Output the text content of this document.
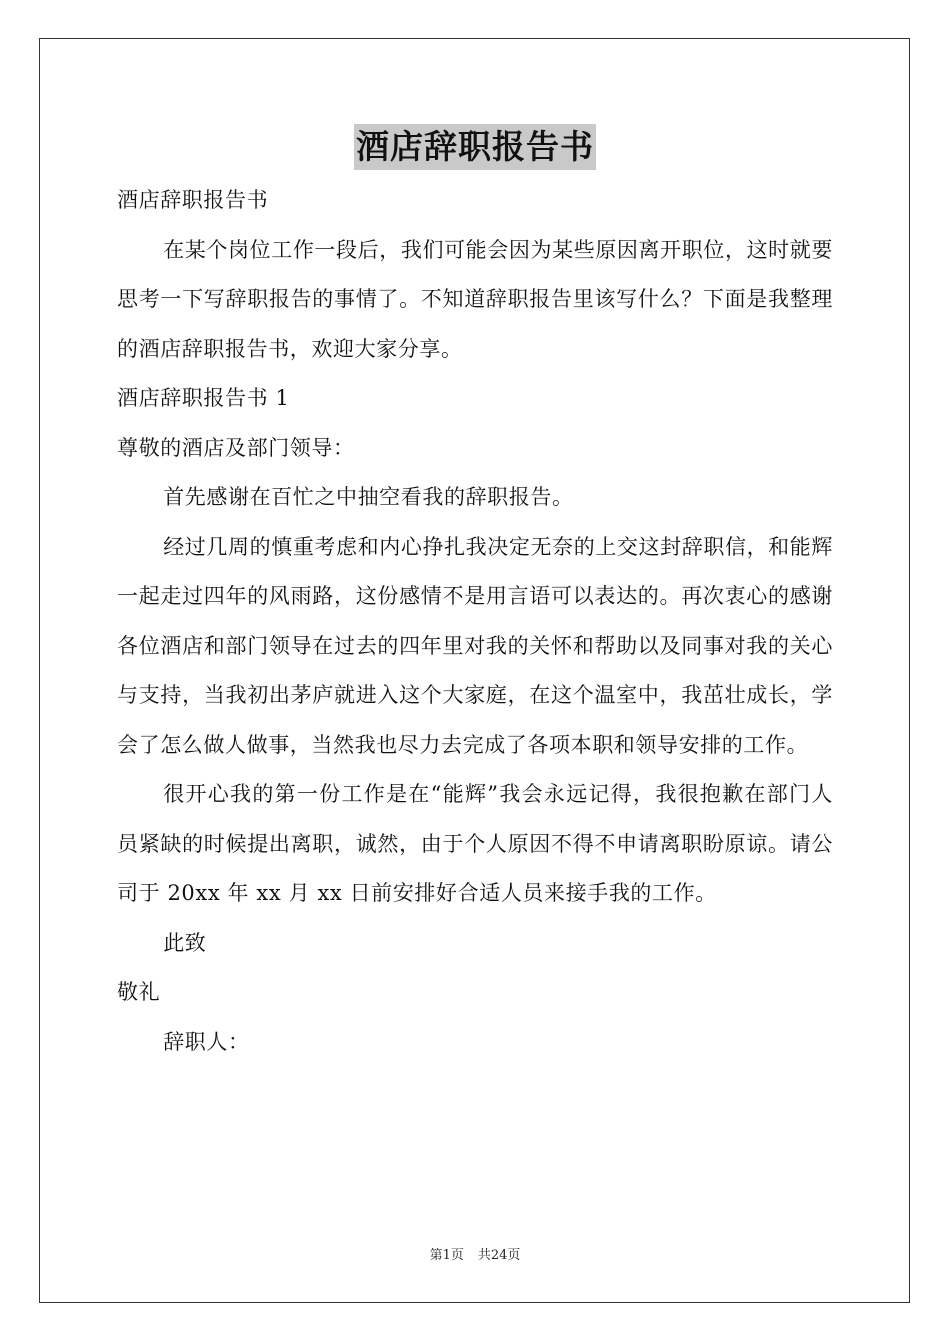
酒店辞职报告书

酒店辞职报告书

在某个岗位工作一段后，我们可能会因为某些原因离开职位，这时就要思考一下写辞职报告的事情了。不知道辞职报告里该写什么？下面是我整理的酒店辞职报告书，欢迎大家分享。

酒店辞职报告书 1

尊敬的酒店及部门领导：

首先感谢在百忙之中抽空看我的辞职报告。

经过几周的慎重考虑和内心挣扎我决定无奈的上交这封辞职信，和能辉一起走过四年的风雨路，这份感情不是用言语可以表达的。再次衷心的感谢各位酒店和部门领导在过去的四年里对我的关怀和帮助以及同事对我的关心与支持，当我初出茅庐就进入这个大家庭，在这个温室中，我茁壮成长，学会了怎么做人做事，当然我也尽力去完成了各项本职和领导安排的工作。

很开心我的第一份工作是在“能辉”我会永远记得，我很抱歉在部门人员紧缺的时候提出离职，诚然，由于个人原因不得不申请离职盼原谅。请公司于 20xx 年 xx 月 xx 日前安排好合适人员来接手我的工作。

此致

敬礼

辞职人：

第1页 共24页
